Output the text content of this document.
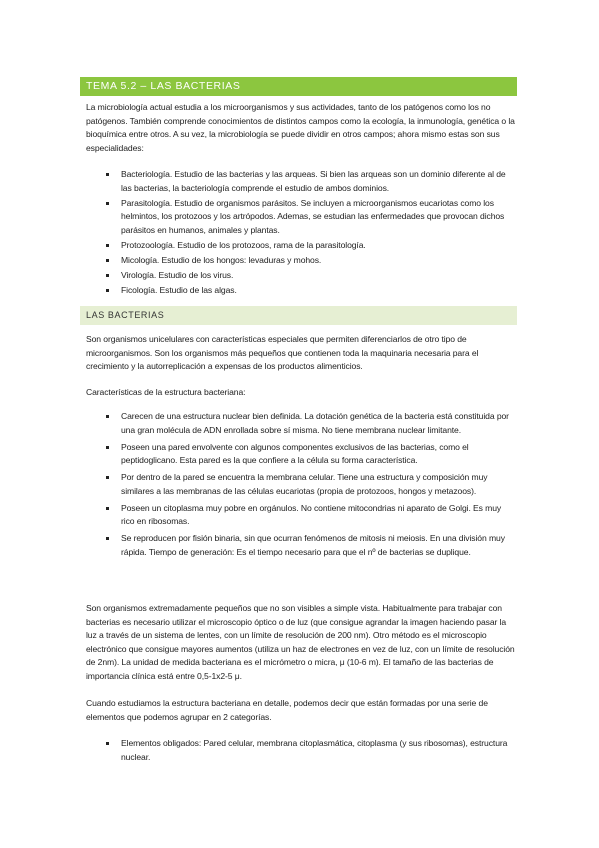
TEMA 5.2 – LAS BACTERIAS

La microbiología actual estudia a los microorganismos y sus actividades, tanto de los patógenos como los no patógenos. También comprende conocimientos de distintos campos como la ecología, la inmunología, genética o la bioquímica entre otros. A su vez, la microbiología se puede dividir en otros campos; ahora mismo estas son sus especialidades:

Bacteriología. Estudio de las bacterias y las arqueas. Si bien las arqueas son un dominio diferente al de las bacterias, la bacteriología comprende el estudio de ambos dominios.
Parasitología. Estudio de organismos parásitos. Se incluyen a microorganismos eucariotas como los helmintos, los protozoos y los artrópodos. Ademas, se estudian las enfermedades que provocan dichos parásitos en humanos, animales y plantas.
Protozoología. Estudio de los protozoos, rama de la parasitología.
Micología. Estudio de los hongos: levaduras y mohos.
Virología. Estudio de los virus.
Ficología. Estudio de las algas.
LAS BACTERIAS

Son organismos unicelulares con características especiales que permiten diferenciarlos de otro tipo de microorganismos. Son los organismos más pequeños que contienen toda la maquinaria necesaria para el crecimiento y la autorreplicación a expensas de los productos alimenticios.

Características de la estructura bacteriana:

Carecen de una estructura nuclear bien definida. La dotación genética de la bacteria está constituida por una gran molécula de ADN enrollada sobre sí misma. No tiene membrana nuclear limitante.
Poseen una pared envolvente con algunos componentes exclusivos de las bacterias, como el peptidoglicano. Esta pared es la que confiere a la célula su forma característica.
Por dentro de la pared se encuentra la membrana celular. Tiene una estructura y composición muy similares a las membranas de las células eucariotas (propia de protozoos, hongos y metazoos).
Poseen un citoplasma muy pobre en orgánulos. No contiene mitocondrias ni aparato de Golgi. Es muy rico en ribosomas.
Se reproducen por fisión binaria, sin que ocurran fenómenos de mitosis ni meiosis. En una división muy rápida. Tiempo de generación: Es el tiempo necesario para que el nº de bacterias se duplique.

Son organismos extremadamente pequeños que no son visibles a simple vista. Habitualmente para trabajar con bacterias es necesario utilizar el microscopio óptico o de luz (que consigue agrandar la imagen haciendo pasar la luz a través de un sistema de lentes, con un límite de resolución de 200 nm). Otro método es el microscopio electrónico que consigue mayores aumentos (utiliza un haz de electrones en vez de luz, con un límite de resolución de 2nm). La unidad de medida bacteriana es el micrómetro o micra, μ (10-6 m). El tamaño de las bacterias de importancia clínica está entre 0,5-1x2-5 μ.

Cuando estudiamos la estructura bacteriana en detalle, podemos decir que están formadas por una serie de elementos que podemos agrupar en 2 categorías.

Elementos obligados: Pared celular, membrana citoplasmática, citoplasma (y sus ribosomas), estructura nuclear.
